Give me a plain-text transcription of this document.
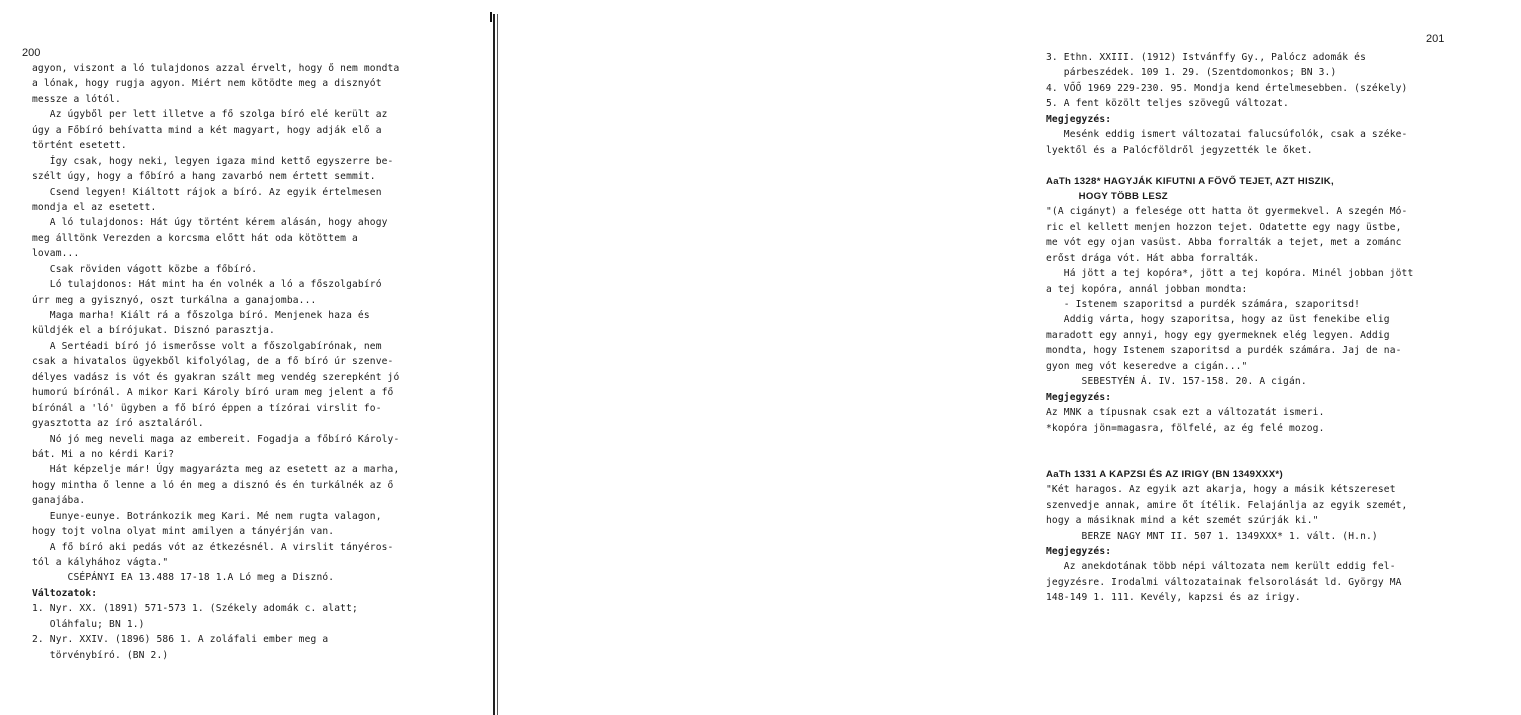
200
agyon, viszont a ló tulajdonos azzal érvelt, hogy ő nem mondta
a lónak, hogy rugja agyon. Miért nem kötödte meg a disznyót
messze a lótól.
Az úgyből per lett illetve a fő szolga bíró elé került az
úgy a Főbíró behívatta mind a két magyart, hogy adják elő a
történt esetett.
Így csak, hogy neki, legyen igaza mind kettő egyszerre be-
szélt úgy, hogy a főbíró a hang zavarbó nem értett semmit.
Csend legyen! Kiáltott rájok a bíró. Az egyik értelmesen
mondja el az esetett.
A ló tulajdonos: Hát úgy történt kérem alásán, hogy ahogy
meg álltönk Verezden a korcsma előtt hát oda kötöttem a
lovam...
Csak röviden vágott közbe a főbíró.
Ló tulajdonos: Hát mint ha én volnék a ló a főszolgabíró
úrr meg a gyisznyó, oszt turkálna a ganajomba...
Maga marha! Kiált rá a főszolga bíró. Menjenek haza és
küldjék el a bírójukat. Disznó parasztja.
A Sertéadi bíró jó ismerősse volt a főszolgabírónak, nem
csak a hivatalos ügyekből kifolyólag, de a fő bíró úr szenve-
délyes vadász is vót és gyakran szált meg vendég szerepként jó
humorú bírónál. A mikor Kari Károly bíró uram meg jelent a fő
bírónál a 'ló' ügyben a fő bíró éppen a tízórai virslit fo-
gyasztotta az író asztaláról.
Nó jó meg neveli maga az embereit. Fogadja a főbíró Károly-
bát. Mi a no kérdi Kari?
Hát képzelje már! Úgy magyarázta meg az esetett az a marha,
hogy mintha ő lenne a ló én meg a disznó és én turkálnék az ő
ganajába.
Eunye-eunye. Botránkozik meg Kari. Mé nem rugta valagon,
hogy tojt volna olyat mint amilyen a tányérján van.
A fő bíró aki pedás vót az étkezésnél. A virslit tányéros-
tól a kályhához vágta."
CSÉPÁNYI EA 13.488 17-18 1.A Ló meg a Disznó.
Változatok:
1. Nyr. XX. (1891) 571-573 1. (Székely adomák c. alatt;
Oláhfalu; BN 1.)
2. Nyr. XXIV. (1896) 586 1. A zoláfali ember meg a
törvénybíró. (BN 2.)
201
3. Ethn. XXIII. (1912) Istvánffy Gy., Palócz adomák és
párbeszédek. 109 1. 29. (Szentdomonkos; BN 3.)
4. VŐŐ 1969 229-230. 95. Mondja kend értelmesebben. (székely)
5. A fent közölt teljes szövegű változat.
Megjegyzés:
Mesénk eddig ismert változatai falucsúfolók, csak a széke-
lyektől és a Palócföldről jegyzették le őket.
AaTh 1328* HAGYJÁK KIFUTNI A FÖVŐ TEJET, AZT HISZIK,
HOGY TÖBB LESZ
"(A cigányt) a felesége ott hatta öt gyermekvel. A szegén Mó-
ric el kellett menjen hozzon tejet. Odatette egy nagy üstbe,
me vót egy ojan vasüst. Abba forralták a tejet, met a zománc
erőst drága vót. Hát abba forralták.
Há jött a tej kopóra*, jött a tej kopóra. Minél jobban jött
a tej kopóra, annál jobban mondta:
- Istenem szaporitsd a purdék számára, szaporitsd!
Addig várta, hogy szaporitsa, hogy az üst fenekibe elig
maradott egy annyi, hogy egy gyermeknek elég legyen. Addig
mondta, hogy Istenem szaporitsd a purdék számára. Jaj de na-
gyon meg vót keseredve a cigán..."
SEBESTYÉN Á. IV. 157-158. 20. A cigán.
Megjegyzés:
Az MNK a típusnak csak ezt a változatát ismeri.
*kopóra jön=magasra, fölfelé, az ég felé mozog.
AaTh 1331 A KAPZSI ÉS AZ IRIGY (BN 1349XXX*)
"Két haragos. Az egyik azt akarja, hogy a másik kétszereset
szenvedje annak, amire őt ítélik. Felajánlja az egyik szemét,
hogy a másiknak mind a két szemét szúrják ki."
BERZE NAGY MNT II. 507 1. 1349XXX* 1. vált. (H.n.)
Megjegyzés:
Az anekdotának több népi változata nem került eddig fel-
jegyzésre. Irodalmi változatainak felsorolását ld. György MA
148-149 1. 111. Kevély, kapzsi és az irigy.
